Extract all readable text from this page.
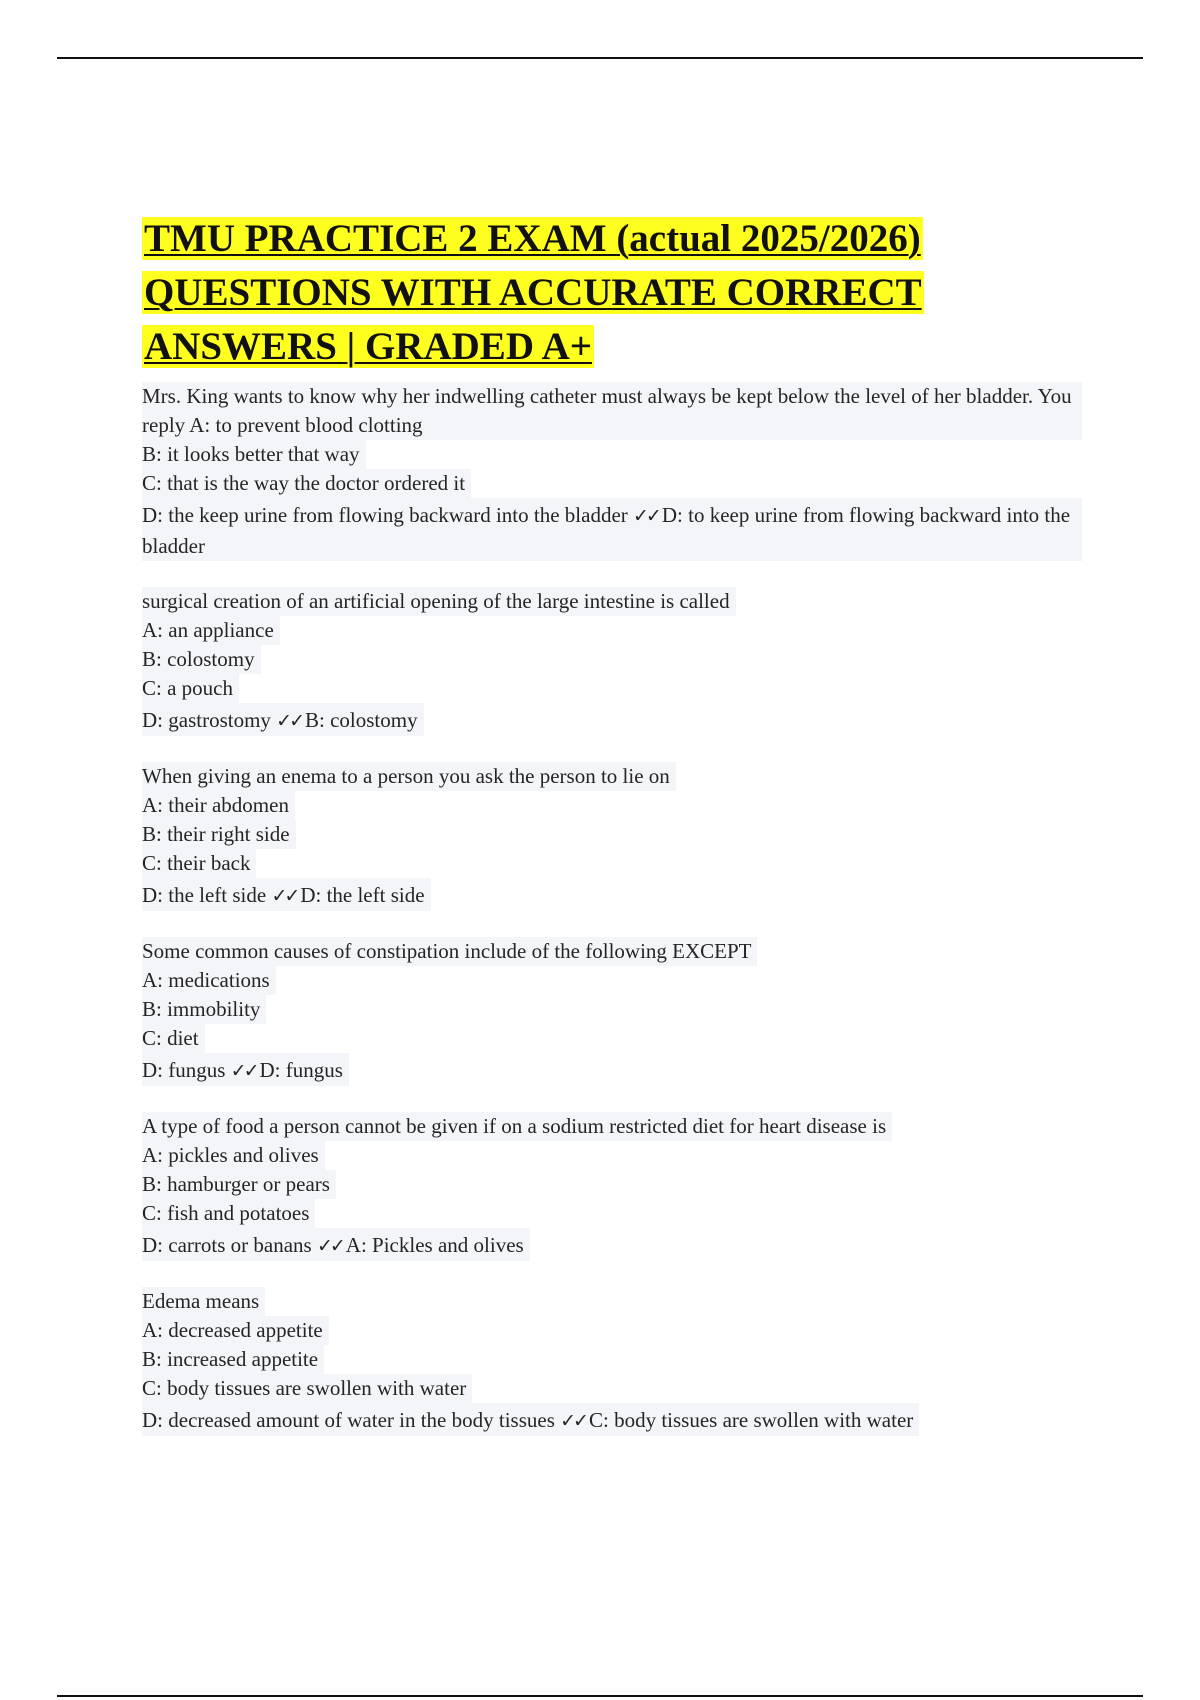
TMU PRACTICE 2 EXAM (actual 2025/2026) QUESTIONS WITH ACCURATE CORRECT ANSWERS | GRADED A+
Mrs. King wants to know why her indwelling catheter must always be kept below the level of her bladder. You reply A: to prevent blood clotting
B: it looks better that way
C: that is the way the doctor ordered it
D: the keep urine from flowing backward into the bladder ✓✓ D: to keep urine from flowing backward into the bladder
surgical creation of an artificial opening of the large intestine is called
A: an appliance
B: colostomy
C: a pouch
D: gastrostomy ✓✓ B: colostomy
When giving an enema to a person you ask the person to lie on
A: their abdomen
B: their right side
C: their back
D: the left side ✓✓ D: the left side
Some common causes of constipation include of the following EXCEPT
A: medications
B: immobility
C: diet
D: fungus ✓✓ D: fungus
A type of food a person cannot be given if on a sodium restricted diet for heart disease is
A: pickles and olives
B: hamburger or pears
C: fish and potatoes
D: carrots or banans ✓✓ A: Pickles and olives
Edema means
A: decreased appetite
B: increased appetite
C: body tissues are swollen with water
D: decreased amount of water in the body tissues ✓✓ C: body tissues are swollen with water
